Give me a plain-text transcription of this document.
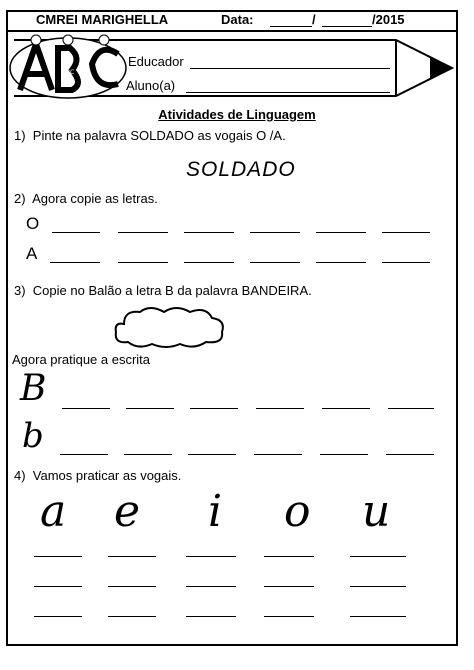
CMREI MARIGHELLA	Data:	/	/2015
ABC
Educador
Aluno(a)
Atividades de Linguagem
1) Pinte na palavra SOLDADO as vogais O /A.
SOLDADO
2) Agora copie as letras.
O
A
3) Copie no Balão a letra B da palavra BANDEIRA.
Agora pratique a escrita
B
b
4) Vamos praticar as vogais.
a e i o u
